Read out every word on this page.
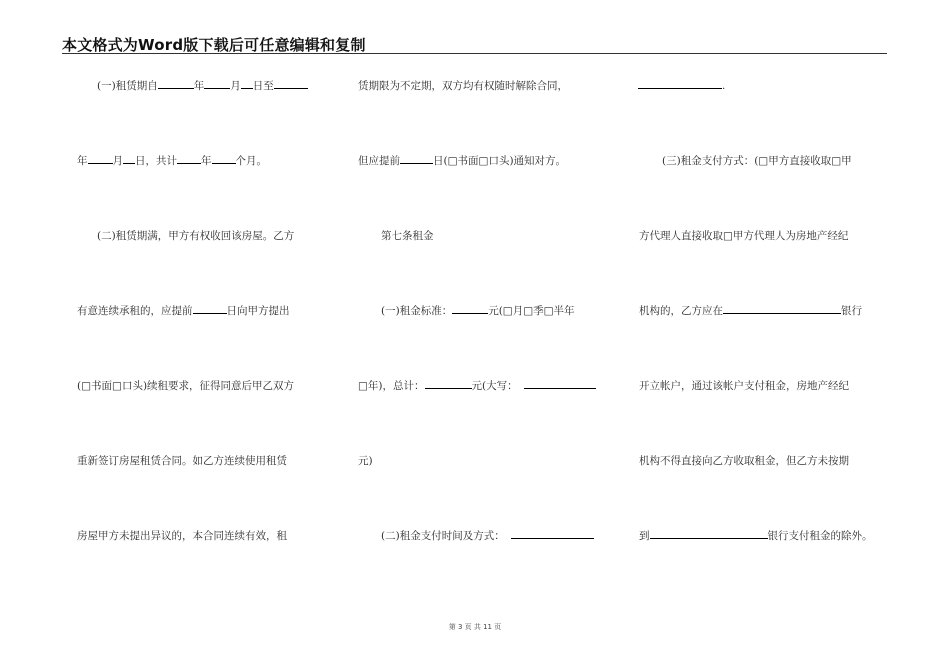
本文格式为Word版下载后可任意编辑和复制
(一)租赁期自	年 月 日至
年 月 日，共计 年 个月。
(二)租赁期满，甲方有权收回该房屋。乙方
有意连续承租的，应提前	日向甲方提出
(□书面□口头)续租要求，征得同意后甲乙双方
重新签订房屋租赁合同。如乙方连续使用租赁
房屋甲方未提出异议的，本合同连续有效，租
赁期限为不定期，双方均有权随时解除合同，
但应提前	日(□书面□口头)通知对方。
第七条租金
(一)租金标准：	元(□月□季□半年
□年)，总计：	元(大写：
元)
(二)租金支付时间及方式：
.
(三)租金支付方式：(□甲方直接收取□甲
方代理人直接收取□甲方代理人为房地产经纪
机构的，乙方应在	银行
开立帐户，通过该帐户支付租金，房地产经纪
机构不得直接向乙方收取租金，但乙方未按期
到	银行支付租金的除外。
第 3 页 共 11 页
